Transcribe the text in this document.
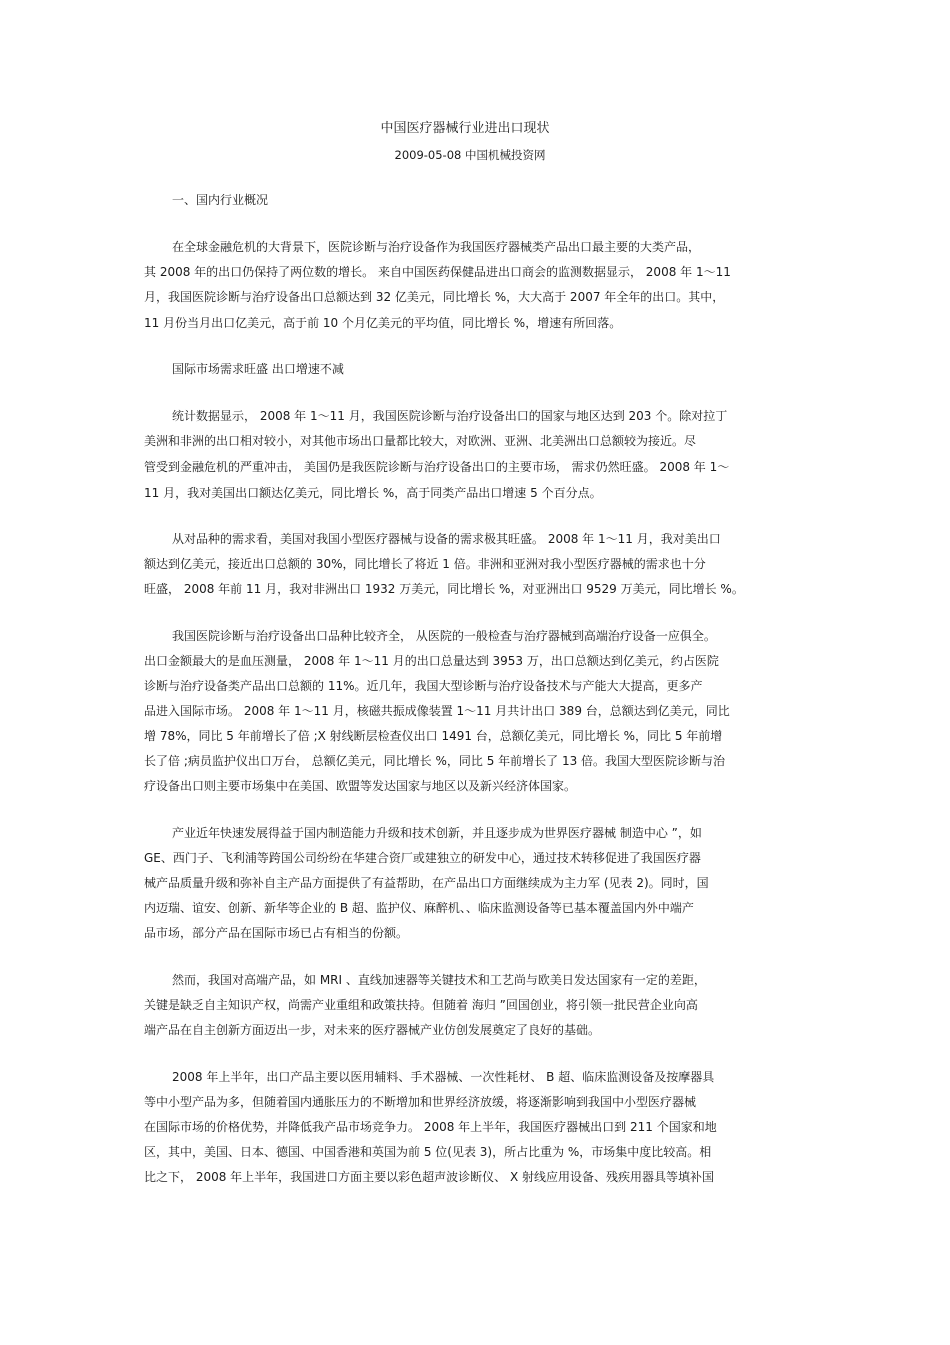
中国医疗器械行业进出口现状
2009-05-08 中国机械投资网
一、国内行业概况
在全球金融危机的大背景下，医院诊断与治疗设备作为我国医疗器械类产品出口最主要的大类产品，
其 2008 年的出口仍保持了两位数的增长。 来自中国医药保健品进出口商会的监测数据显示， 2008 年 1～11
月，我国医院诊断与治疗设备出口总额达到 32 亿美元，同比增长 %，大大高于 2007 年全年的出口。其中，
11 月份当月出口亿美元，高于前 10 个月亿美元的平均值，同比增长 %，增速有所回落。
国际市场需求旺盛 出口增速不减
统计数据显示， 2008 年 1～11 月，我国医院诊断与治疗设备出口的国家与地区达到 203 个。除对拉丁
美洲和非洲的出口相对较小，对其他市场出口量都比较大，对欧洲、亚洲、北美洲出口总额较为接近。尽
管受到金融危机的严重冲击， 美国仍是我医院诊断与治疗设备出口的主要市场， 需求仍然旺盛。 2008 年 1～
11 月，我对美国出口额达亿美元，同比增长 %，高于同类产品出口增速 5 个百分点。
从对品种的需求看，美国对我国小型医疗器械与设备的需求极其旺盛。 2008 年 1～11 月，我对美出口
额达到亿美元，接近出口总额的 30%，同比增长了将近 1 倍。非洲和亚洲对我小型医疗器械的需求也十分
旺盛， 2008 年前 11 月，我对非洲出口 1932 万美元，同比增长 %，对亚洲出口 9529 万美元，同比增长 %。
我国医院诊断与治疗设备出口品种比较齐全， 从医院的一般检查与治疗器械到高端治疗设备一应俱全。
出口金额最大的是血压测量， 2008 年 1～11 月的出口总量达到 3953 万，出口总额达到亿美元，约占医院
诊断与治疗设备类产品出口总额的 11%。近几年，我国大型诊断与治疗设备技术与产能大大提高，更多产
品进入国际市场。 2008 年 1～11 月，核磁共振成像装置 1～11 月共计出口 389 台，总额达到亿美元，同比
增 78%，同比 5 年前增长了倍 ;X 射线断层检查仪出口 1491 台，总额亿美元，同比增长 %，同比 5 年前增
长了倍 ;病员监护仪出口万台， 总额亿美元，同比增长 %，同比 5 年前增长了 13 倍。我国大型医院诊断与治
疗设备出口则主要市场集中在美国、欧盟等发达国家与地区以及新兴经济体国家。
产业近年快速发展得益于国内制造能力升级和技术创新，并且逐步成为世界医疗器械 制造中心 ”，如
GE、西门子、飞利浦等跨国公司纷纷在华建合资厂或建独立的研发中心，通过技术转移促进了我国医疗器
械产品质量升级和弥补自主产品方面提供了有益帮助，在产品出口方面继续成为主力军 (见表 2)。同时，国
内迈瑞、谊安、创新、新华等企业的 B 超、监护仪、麻醉机、、临床监测设备等已基本覆盖国内外中端产
品市场，部分产品在国际市场已占有相当的份额。
然而，我国对高端产品，如 MRI 、直线加速器等关键技术和工艺尚与欧美日发达国家有一定的差距，
关键是缺乏自主知识产权，尚需产业重组和政策扶持。但随着 海归 ”回国创业，将引领一批民营企业向高
端产品在自主创新方面迈出一步，对未来的医疗器械产业仿创发展奠定了良好的基础。
2008 年上半年，出口产品主要以医用辅料、手术器械、一次性耗材、 B 超、临床监测设备及按摩器具
等中小型产品为多，但随着国内通胀压力的不断增加和世界经济放缓，将逐渐影响到我国中小型医疗器械
在国际市场的价格优势，并降低我产品市场竞争力。 2008 年上半年，我国医疗器械出口到 211 个国家和地
区，其中，美国、日本、德国、中国香港和英国为前 5 位(见表 3)，所占比重为 %，市场集中度比较高。相
比之下， 2008 年上半年，我国进口方面主要以彩色超声波诊断仪、 X 射线应用设备、残疾用器具等填补国
